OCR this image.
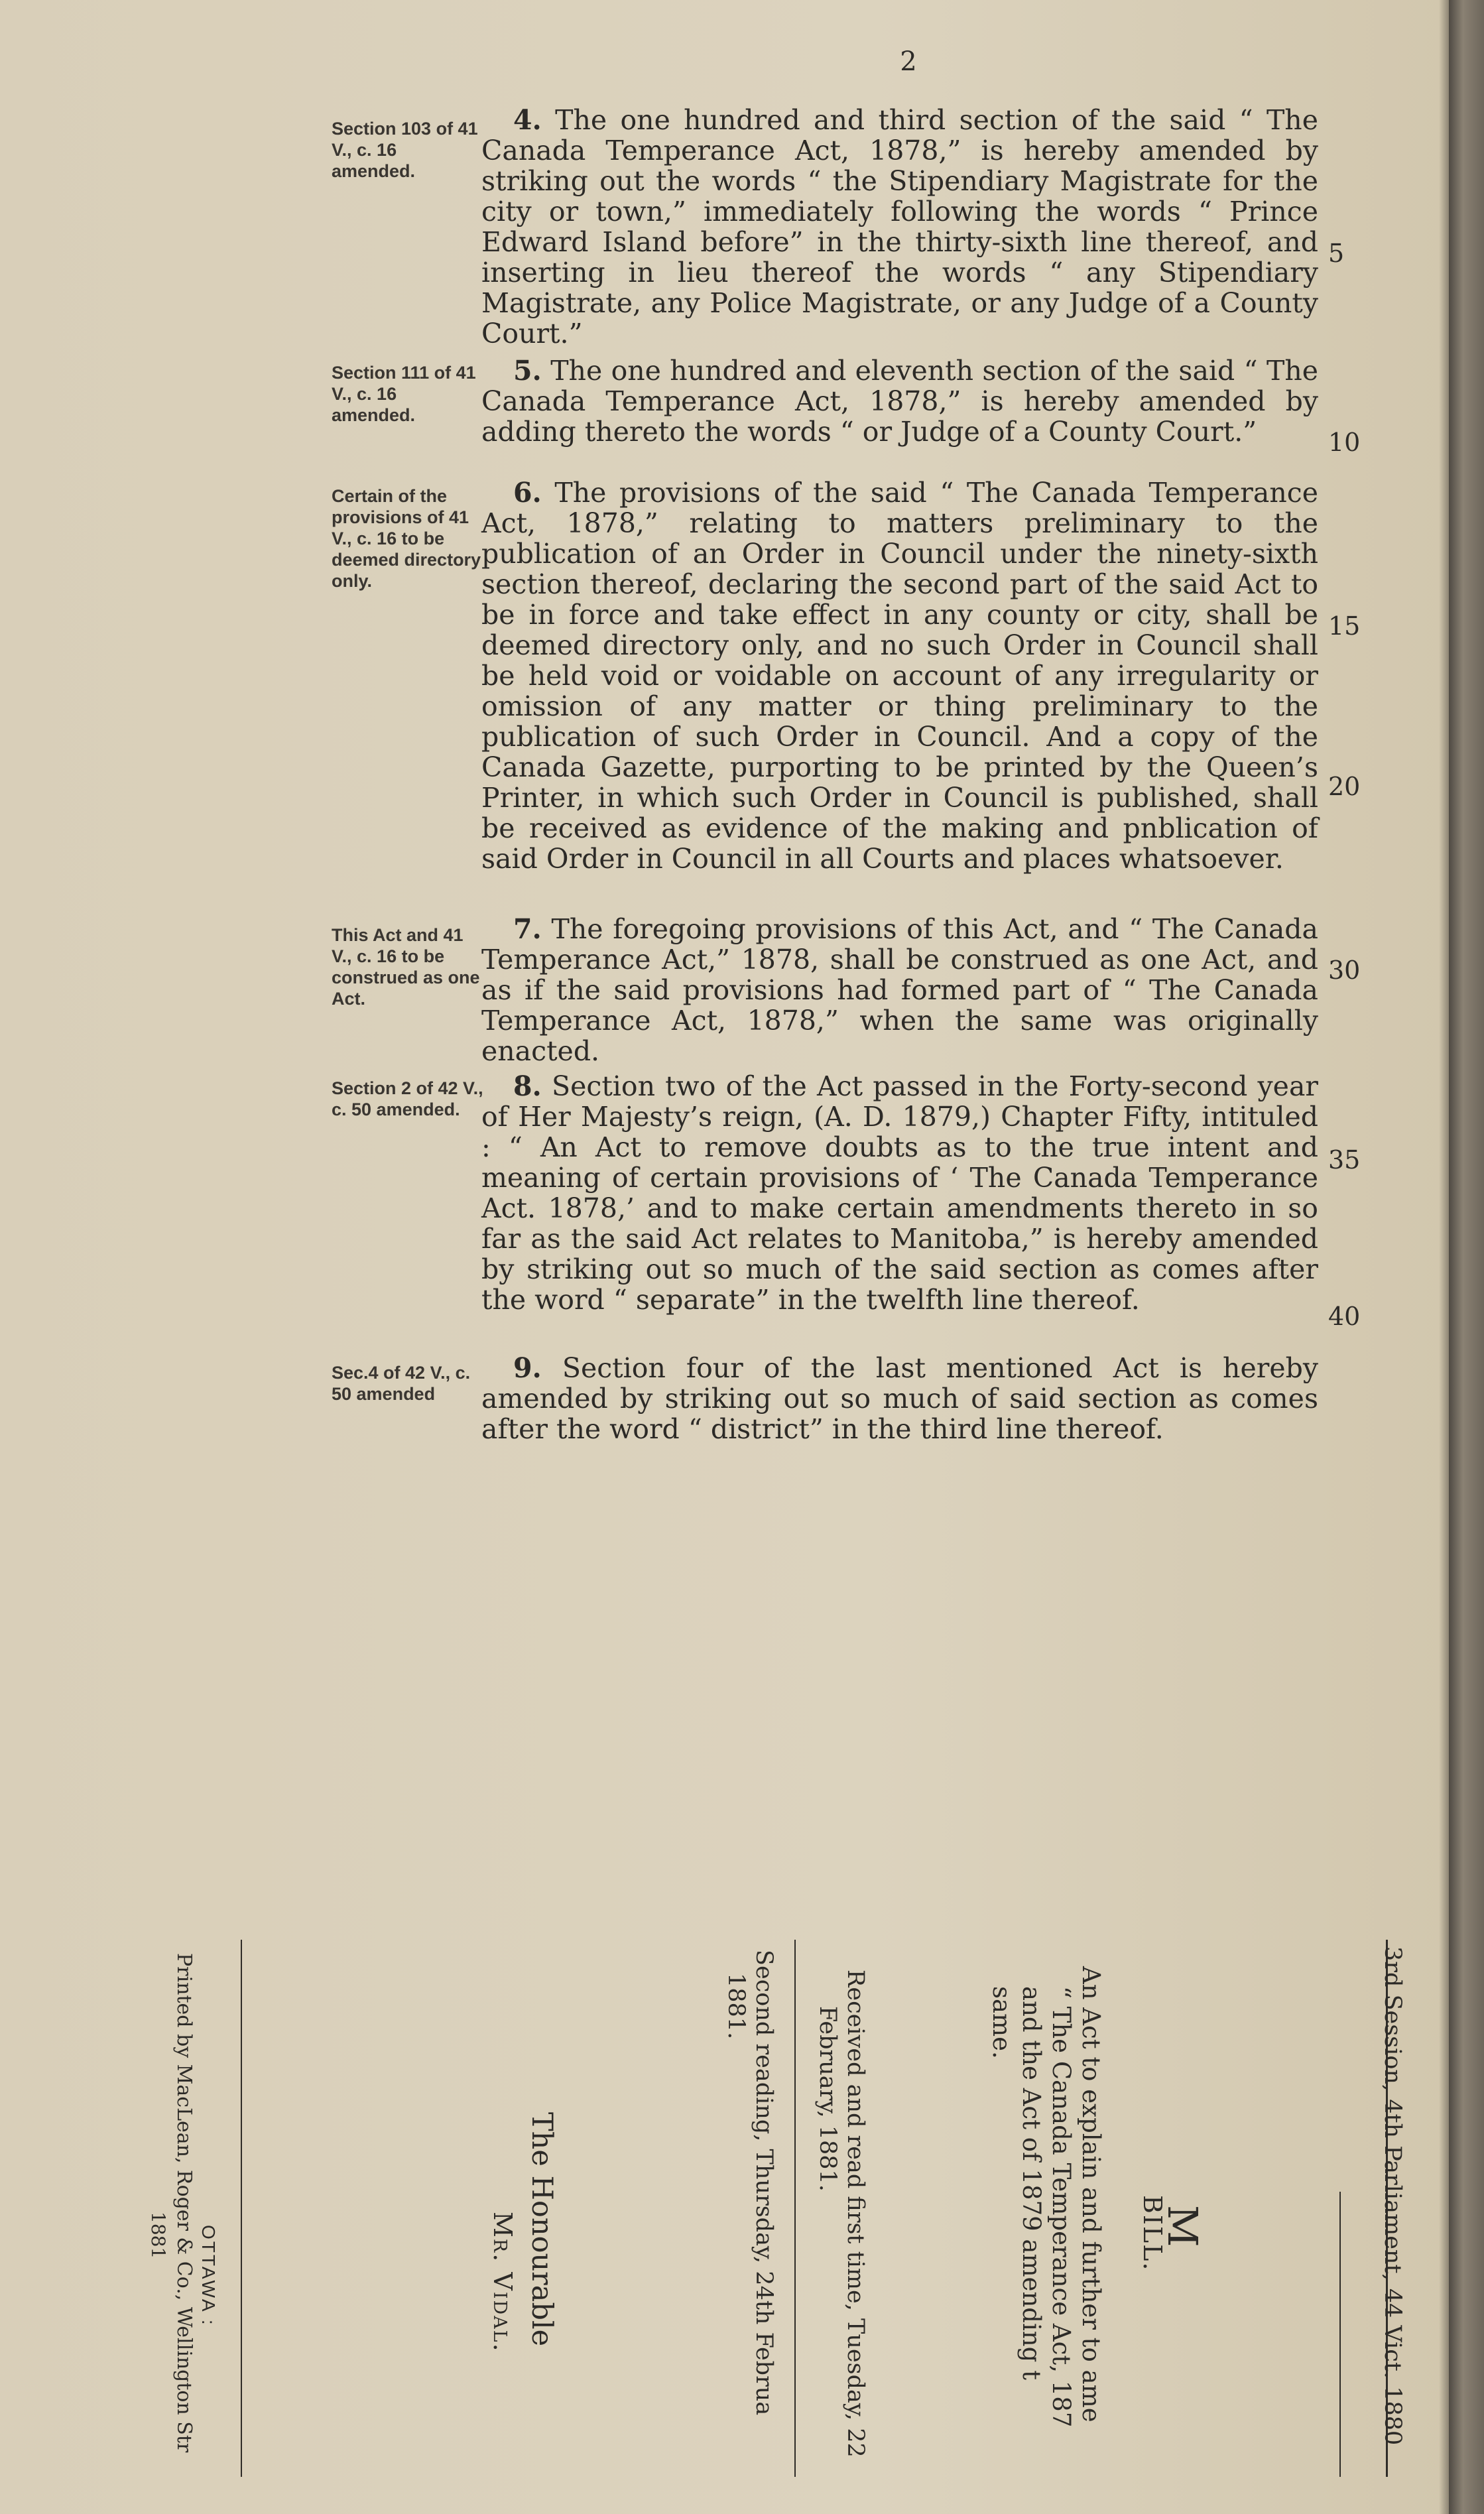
2
Section 103 of 41 V., c. 16 amended.

4. The one hundred and third section of the said “ The Canada Temperance Act, 1878,” is hereby amended by striking out the words “ the Stipendiary Magistrate for the city or town,” immediately following the words “ Prince Edward Island before” in the thirty-sixth line thereof, and inserting in lieu thereof the words “ any Stipendiary Magistrate, any Police Magistrate, or any Judge of a County Court.”

Section 111 of 41 V., c. 16 amended.

5. The one hundred and eleventh section of the said “ The Canada Temperance Act, 1878,” is hereby amended by adding thereto the words “ or Judge of a County Court.”

Certain of the provisions of 41 V., c. 16 to be deemed directory only.

6. The provisions of the said “ The Canada Temperance Act, 1878,” relating to matters preliminary to the publication of an Order in Council under the ninety-sixth section thereof, declaring the second part of the said Act to be in force and take effect in any county or city, shall be deemed directory only, and no such Order in Council shall be held void or voidable on account of any irregularity or omission of any matter or thing preliminary to the publication of such Order in Council. And a copy of the Canada Gazette, purporting to be printed by the Queen’s Printer, in which such Order in Council is published, shall be received as evidence of the making and pnblication of said Order in Council in all Courts and places whatsoever.

This Act and 41 V., c. 16 to be construed as one Act.

7. The foregoing provisions of this Act, and “ The Canada Temperance Act,” 1878, shall be construed as one Act, and as if the said provisions had formed part of “ The Canada Temperance Act, 1878,” when the same was originally enacted.

Section 2 of 42 V., c. 50 amended.

8. Section two of the Act passed in the Forty-second year of Her Majesty’s reign, (A. D. 1879,) Chapter Fifty, intituled : “ An Act to remove doubts as to the true intent and meaning of certain provisions of ‘ The Canada Temperance Act. 1878,’ and to make certain amendments thereto in so far as the said Act relates to Manitoba,” is hereby amended by striking out so much of the said section as comes after the word “ separate” in the twelfth line thereof.

Sec.4 of 42 V., c. 50 amended

9. Section four of the last mentioned Act is hereby amended by striking out so much of said section as comes after the word “ district” in the third line thereof.

5
10
15
20
30
35
40
3rd Session, 4th Parliament, 44 Vict. 1880
M
BILL.
An Act to explain and further to ame
“ The Canada Temperance Act, 187
and the Act of 1879 amending t
same.
Received and read first time, Tuesday, 22
February, 1881.
Second reading, Thursday, 24th Februa
1881.
The Honourable
Mr. Vidal.
OTTAWA :
Printed by MacLean, Roger & Co., Wellington Str
1881
